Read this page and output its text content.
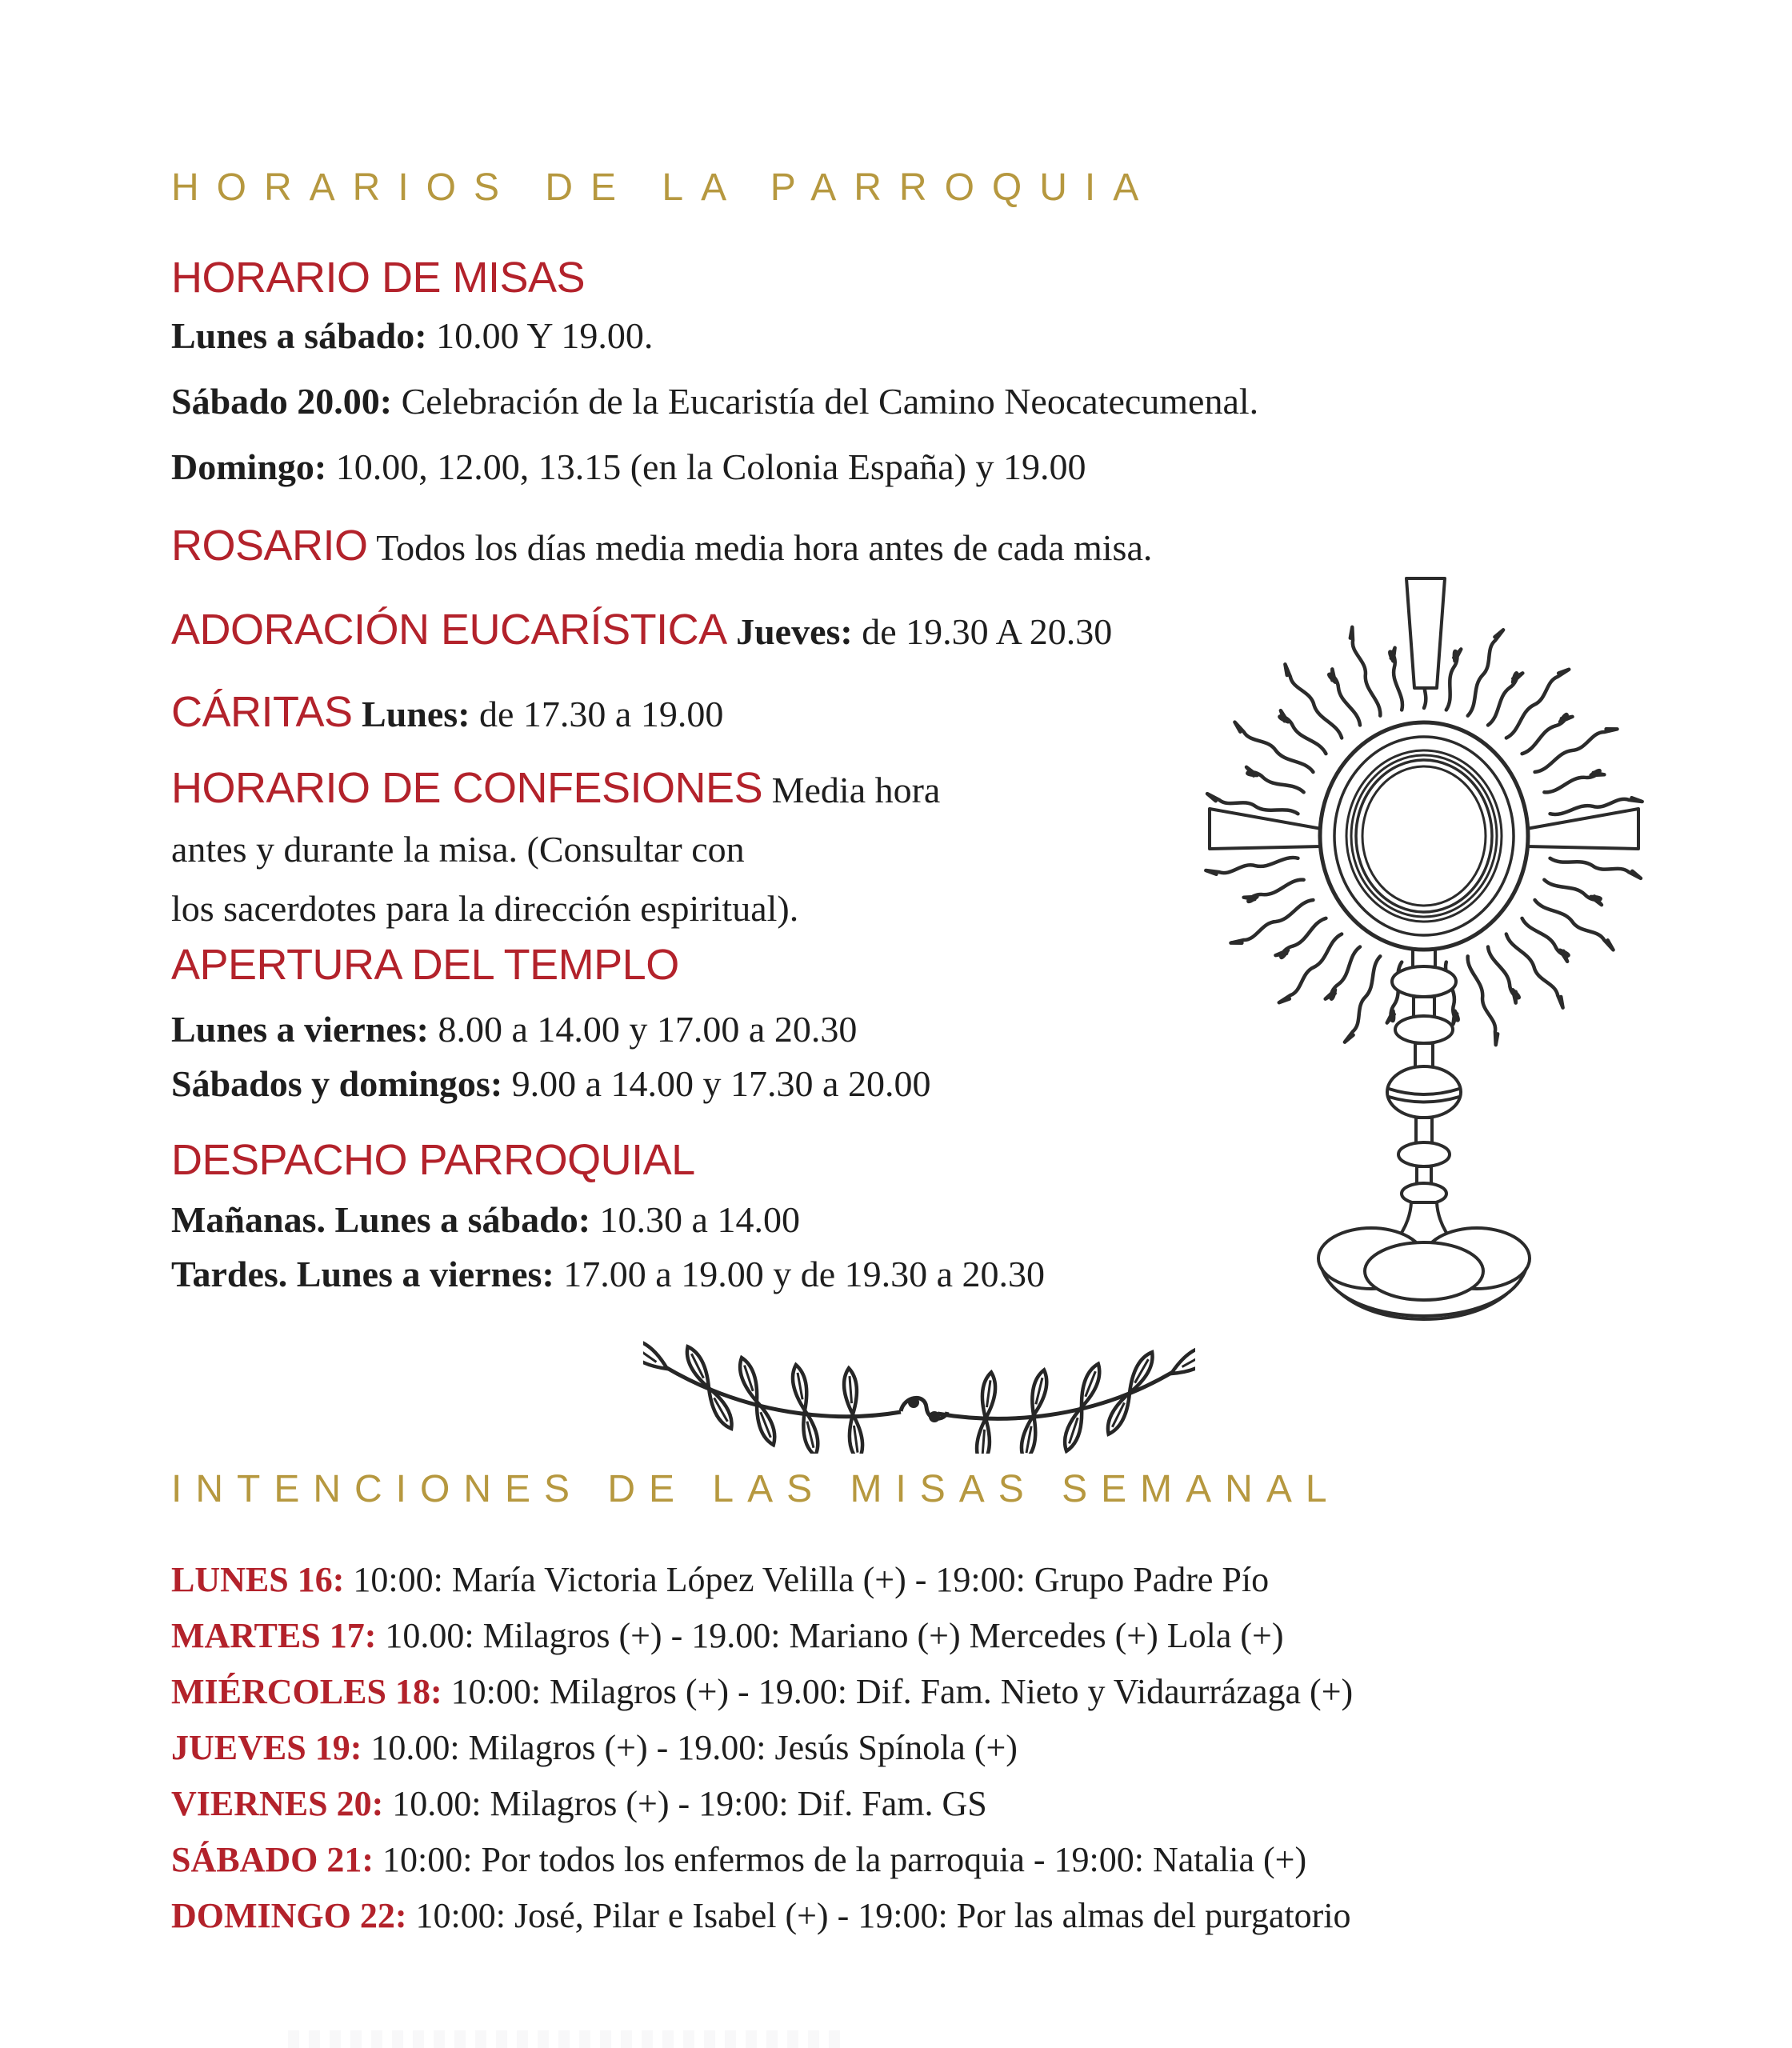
HORARIOS DE LA PARROQUIA
HORARIO DE MISAS

Lunes a sábado: 10.00 Y 19.00.

Sábado 20.00: Celebración de la Eucaristía del Camino Neocatecumenal.

Domingo: 10.00, 12.00, 13.15 (en la Colonia España) y 19.00

ROSARIO Todos los días media media hora antes de cada misa.

ADORACIÓN EUCARÍSTICA Jueves: de 19.30 A 20.30

CÁRITAS Lunes: de 17.30 a 19.00

HORARIO DE CONFESIONES Media hora
antes y durante la misa. (Consultar con
los sacerdotes para la dirección espiritual).

APERTURA DEL TEMPLO

Lunes a viernes: 8.00 a 14.00 y 17.00 a 20.30

Sábados y domingos: 9.00 a 14.00 y 17.30 a 20.00

DESPACHO PARROQUIAL

Mañanas. Lunes a sábado: 10.30 a 14.00

Tardes. Lunes a viernes: 17.00 a 19.00 y de 19.30 a 20.30

INTENCIONES DE LAS MISAS SEMANAL
LUNES 16: 10:00: María Victoria López Velilla (+) - 19:00: Grupo Padre Pío
MARTES 17: 10.00: Milagros (+) - 19.00: Mariano (+) Mercedes (+) Lola (+)
MIÉRCOLES 18: 10:00: Milagros (+) - 19.00: Dif. Fam. Nieto y Vidaurrázaga (+)
JUEVES 19: 10.00: Milagros (+) - 19.00: Jesús Spínola (+)
VIERNES 20: 10.00: Milagros (+) - 19:00: Dif. Fam. GS
SÁBADO 21: 10:00: Por todos los enfermos de la parroquia - 19:00: Natalia (+)
DOMINGO 22: 10:00: José, Pilar e Isabel (+) - 19:00: Por las almas del purgatorio
